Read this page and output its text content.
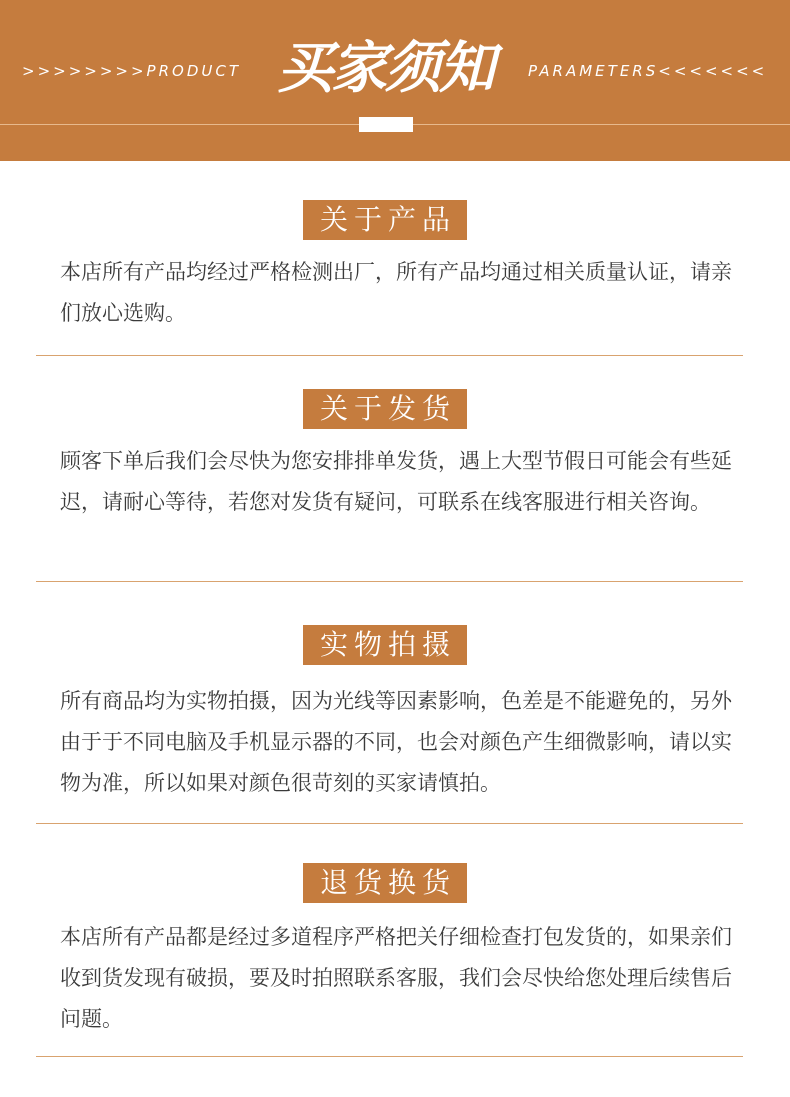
>>>>>>>>PRODUCT 买家须知	PARAMETERS<<<<<<<
关于产品
本店所有产品均经过严格检测出厂，所有产品均通过相关质量认证，请亲们放心选购。
关于发货
顾客下单后我们会尽快为您安排排单发货，遇上大型节假日可能会有些延迟，请耐心等待，若您对发货有疑问，可联系在线客服进行相关咨询。
实物拍摄
所有商品均为实物拍摄，因为光线等因素影响，色差是不能避免的，另外由于于不同电脑及手机显示器的不同，也会对颜色产生细微影响，请以实物为准，所以如果对颜色很苛刻的买家请慎拍。
退货换货
本店所有产品都是经过多道程序严格把关仔细检查打包发货的，如果亲们收到货发现有破损，要及时拍照联系客服，我们会尽快给您处理后续售后问题。
